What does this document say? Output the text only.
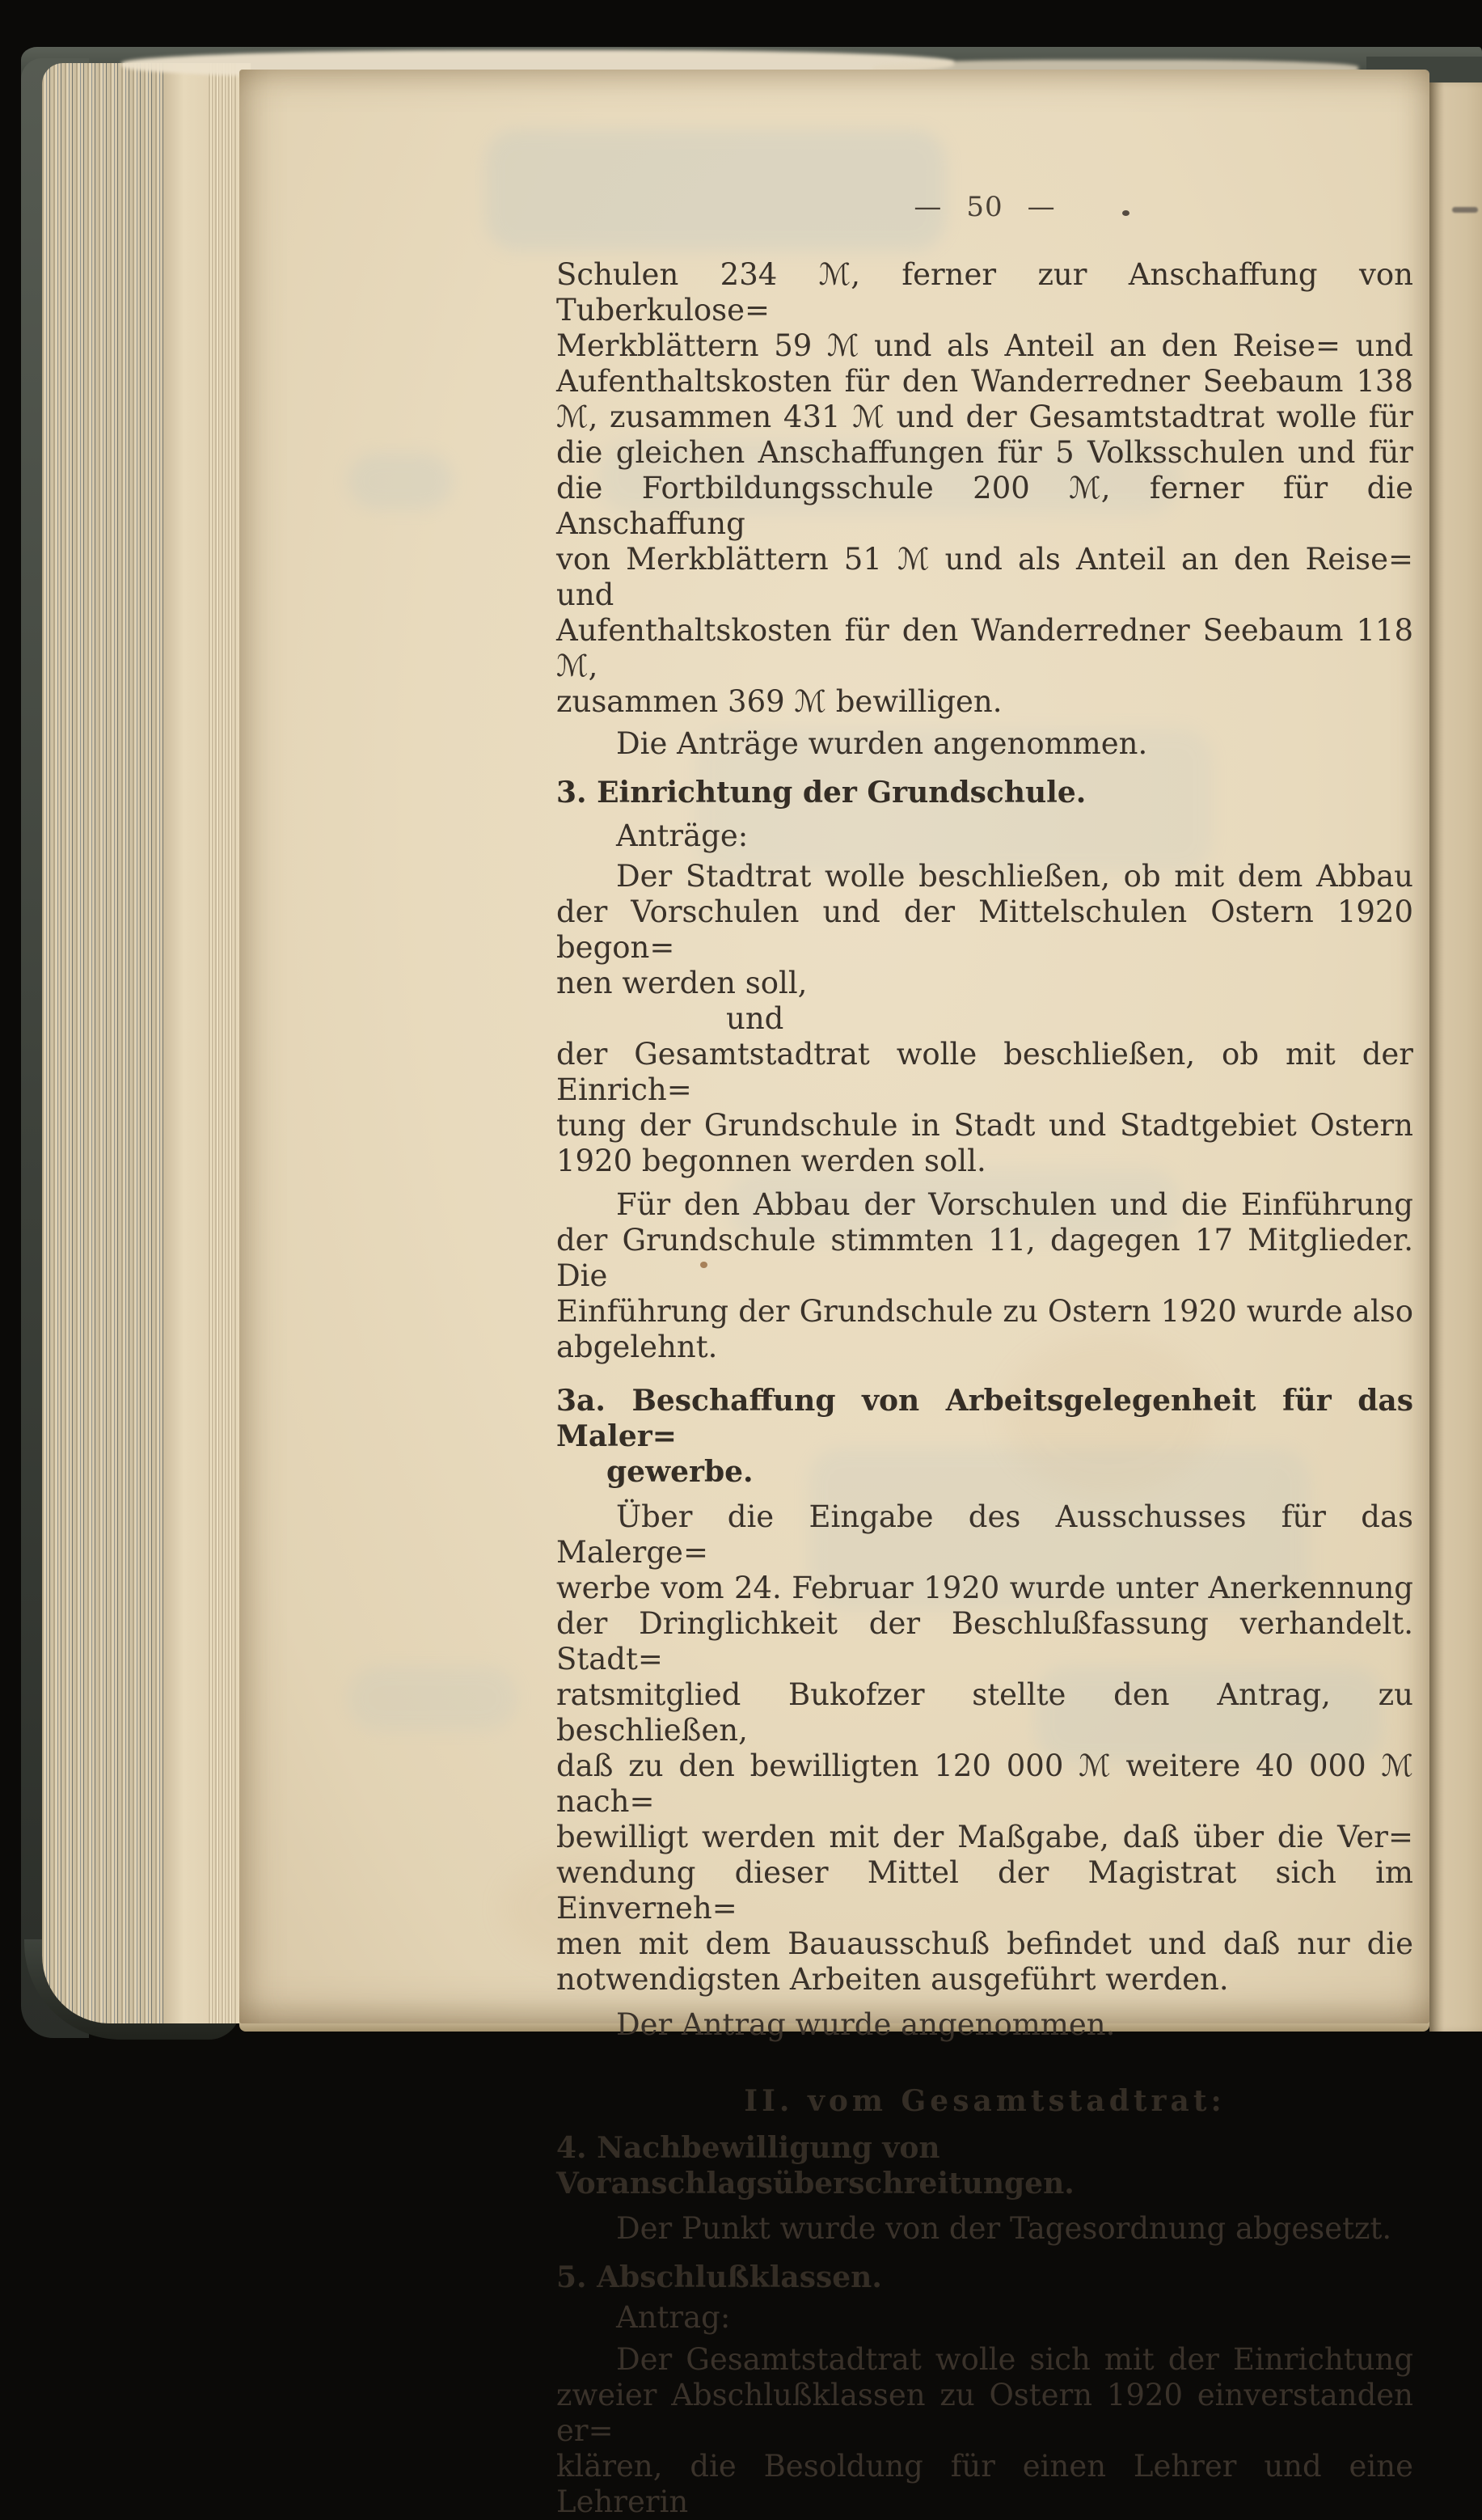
— 50 —
Schulen 234 ℳ, ferner zur Anschaffung von Tuberkulose=
Merkblättern 59 ℳ und als Anteil an den Reise= und
Aufenthaltskosten für den Wanderredner Seebaum 138
ℳ, zusammen 431 ℳ und der Gesamtstadtrat wolle für
die gleichen Anschaffungen für 5 Volksschulen und für
die Fortbildungsschule 200 ℳ, ferner für die Anschaffung
von Merkblättern 51 ℳ und als Anteil an den Reise= und
Aufenthaltskosten für den Wanderredner Seebaum 118 ℳ,
zusammen 369 ℳ bewilligen.
Die Anträge wurden angenommen.
3. Einrichtung der Grundschule.
Anträge:
Der Stadtrat wolle beschließen, ob mit dem Abbau
der Vorschulen und der Mittelschulen Ostern 1920 begon=
nen werden soll,
und
der Gesamtstadtrat wolle beschließen, ob mit der Einrich=
tung der Grundschule in Stadt und Stadtgebiet Ostern
1920 begonnen werden soll.
Für den Abbau der Vorschulen und die Einführung
der Grundschule stimmten 11, dagegen 17 Mitglieder. Die
Einführung der Grundschule zu Ostern 1920 wurde also
abgelehnt.
3a. Beschaffung von Arbeitsgelegenheit für das Maler=
gewerbe.
Über die Eingabe des Ausschusses für das Malerge=
werbe vom 24. Februar 1920 wurde unter Anerkennung
der Dringlichkeit der Beschlußfassung verhandelt. Stadt=
ratsmitglied Bukofzer stellte den Antrag, zu beschließen,
daß zu den bewilligten 120 000 ℳ weitere 40 000 ℳ nach=
bewilligt werden mit der Maßgabe, daß über die Ver=
wendung dieser Mittel der Magistrat sich im Einverneh=
men mit dem Bauausschuß befindet und daß nur die
notwendigsten Arbeiten ausgeführt werden.
Der Antrag wurde angenommen.
II. vom Gesamtstadtrat:
4. Nachbewilligung von Voranschlagsüberschreitungen.
Der Punkt wurde von der Tagesordnung abgesetzt.
5. Abschlußklassen.
Antrag:
Der Gesamtstadtrat wolle sich mit der Einrichtung
zweier Abschlußklassen zu Ostern 1920 einverstanden er=
klären, die Besoldung für einen Lehrer und eine Lehrerin
